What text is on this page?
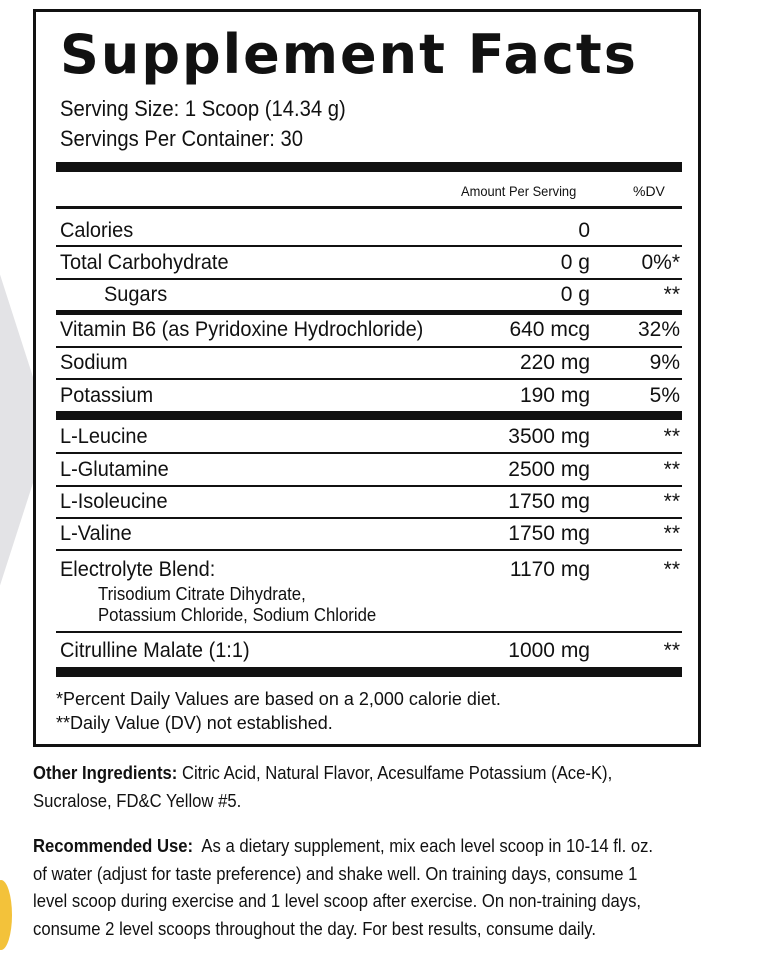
Supplement Facts
Serving Size: 1 Scoop (14.34 g)
Servings Per Container: 30
Amount Per Serving	%DV
Calories	0
Total Carbohydrate	0 g 0%*
Sugars	0 g	**
Vitamin B6 (as Pyridoxine Hydrochloride)	640 mcg 32%
Sodium	220 mg	9%
Potassium	190 mg	5%
L-Leucine	3500 mg	**
L-Glutamine	2500 mg	**
L-Isoleucine	1750 mg	**
L-Valine	1750 mg	**
Electrolyte Blend:	1170 mg	**
Trisodium Citrate Dihydrate,
Potassium Chloride, Sodium Chloride
Citrulline Malate (1:1)	1000 mg	**
*Percent Daily Values are based on a 2,000 calorie diet.
**Daily Value (DV) not established.
Other Ingredients: Citric Acid, Natural Flavor, Acesulfame Potassium (Ace-K),
Sucralose, FD&C Yellow #5.
Recommended Use: As a dietary supplement, mix each level scoop in 10-14 fl. oz.
of water (adjust for taste preference) and shake well. On training days, consume 1
level scoop during exercise and 1 level scoop after exercise. On non-training days,
consume 2 level scoops throughout the day. For best results, consume daily.
